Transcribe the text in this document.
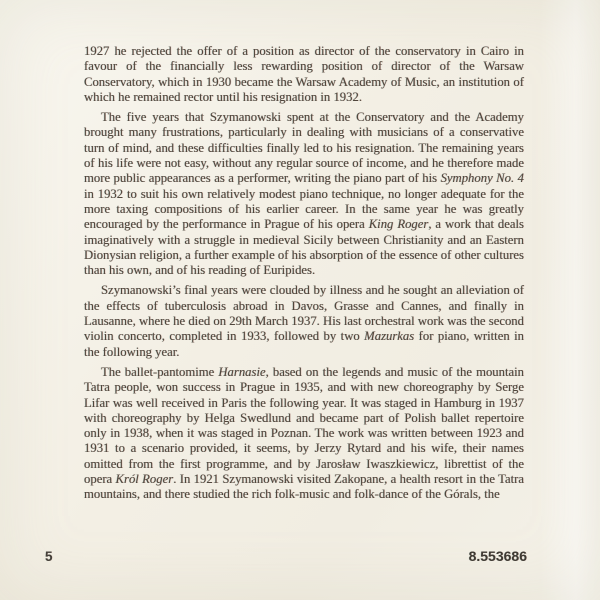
1927 he rejected the offer of a position as director of the conservatory in Cairo in favour of the financially less rewarding position of director of the Warsaw Conservatory, which in 1930 became the Warsaw Academy of Music, an institution of which he remained rector until his resignation in 1932.

The five years that Szymanowski spent at the Conservatory and the Academy brought many frustrations, particularly in dealing with musicians of a conservative turn of mind, and these difficulties finally led to his resignation. The remaining years of his life were not easy, without any regular source of income, and he therefore made more public appearances as a performer, writing the piano part of his Symphony No. 4 in 1932 to suit his own relatively modest piano technique, no longer adequate for the more taxing compositions of his earlier career. In the same year he was greatly encouraged by the performance in Prague of his opera King Roger, a work that deals imaginatively with a struggle in medieval Sicily between Christianity and an Eastern Dionysian religion, a further example of his absorption of the essence of other cultures than his own, and of his reading of Euripides.

Szymanowski’s final years were clouded by illness and he sought an alleviation of the effects of tuberculosis abroad in Davos, Grasse and Cannes, and finally in Lausanne, where he died on 29th March 1937. His last orchestral work was the second violin concerto, completed in 1933, followed by two Mazurkas for piano, written in the following year.

The ballet-pantomime Harnasie, based on the legends and music of the mountain Tatra people, won success in Prague in 1935, and with new choreography by Serge Lifar was well received in Paris the following year. It was staged in Hamburg in 1937 with choreography by Helga Swedlund and became part of Polish ballet repertoire only in 1938, when it was staged in Poznan. The work was written between 1923 and 1931 to a scenario provided, it seems, by Jerzy Rytard and his wife, their names omitted from the first programme, and by Jarosław Iwaszkiewicz, librettist of the opera Król Roger. In 1921 Szymanowski visited Zakopane, a health resort in the Tatra mountains, and there studied the rich folk-music and folk-dance of the Górals, the

5	8.553686
